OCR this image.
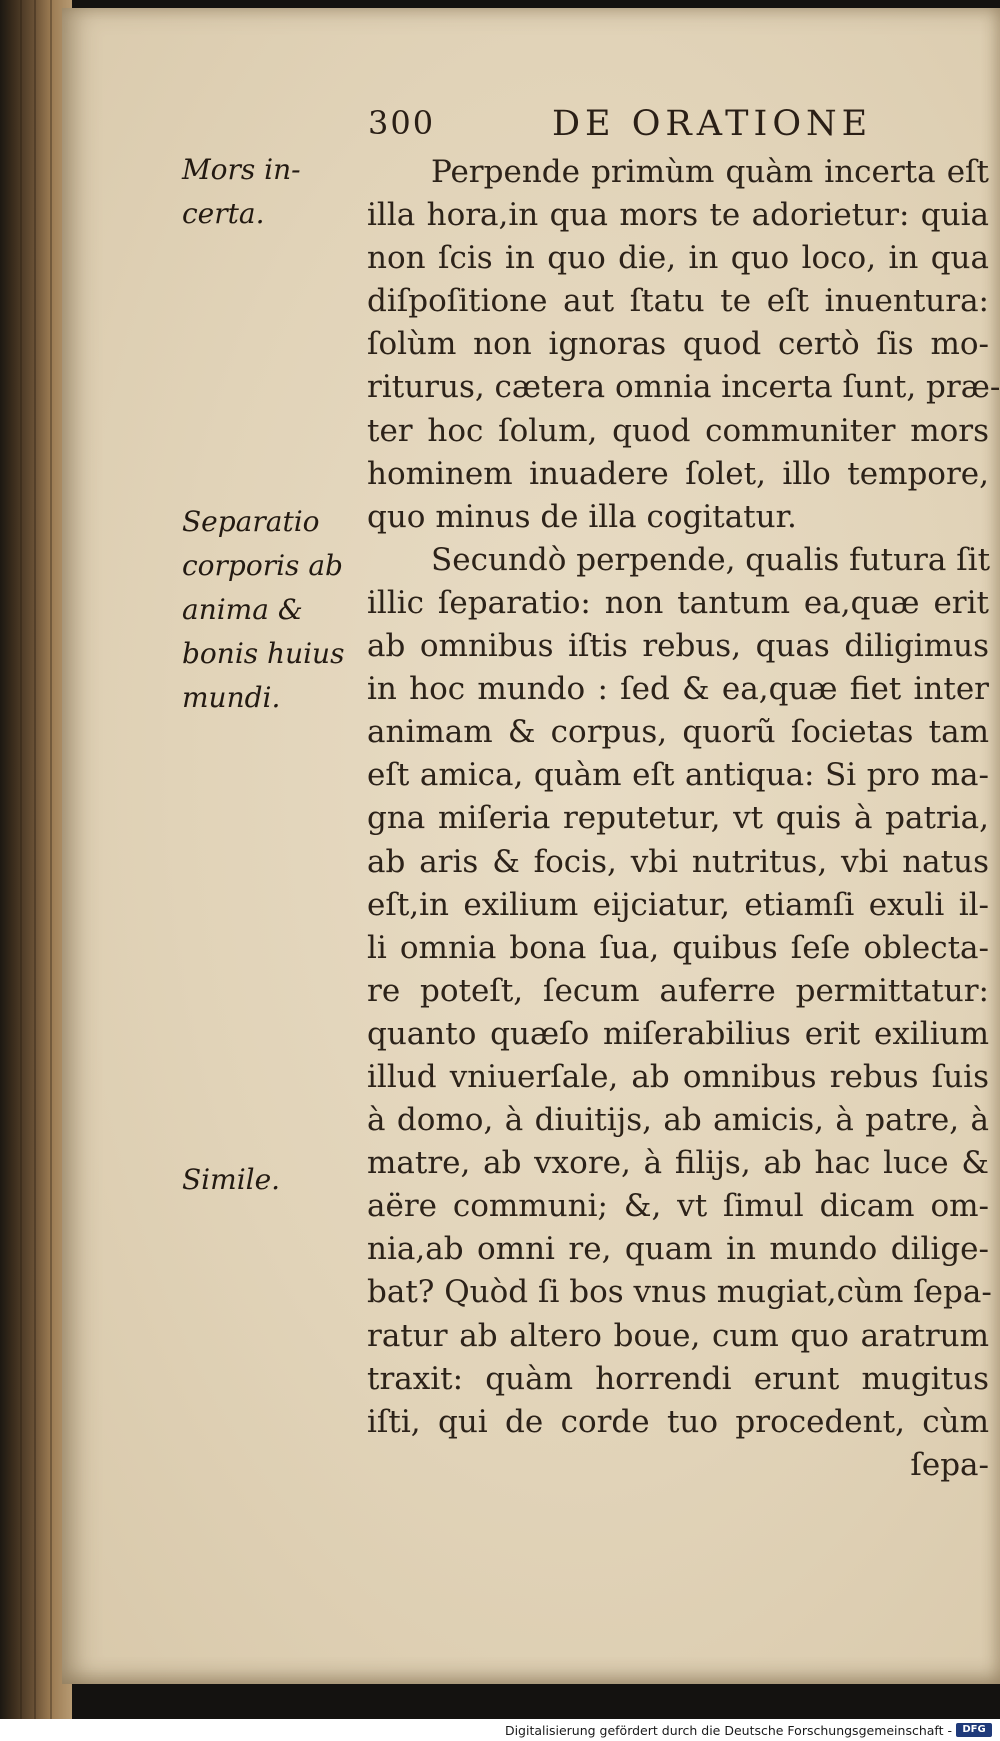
300	DE ORATIONE
Mors in-
certa.
Separatio
corporis ab
anima &
bonis huius
mundi.
Simile.
Perpende primùm quàm incerta eſt
illa hora,in qua mors te adorietur: quia
non ſcis in quo die, in quo loco, in qua
diſpoſitione aut ſtatu te eſt inuentura:
ſolùm non ignoras quod certò ſis mo-
riturus, cætera omnia incerta ſunt, præ-
ter hoc ſolum, quod communiter mors
hominem inuadere ſolet, illo tempore,
quo minus de illa cogitatur.
Secundò perpende, qualis futura ſit
illic ſeparatio: non tantum ea,quæ erit
ab omnibus iſtis rebus, quas diligimus
in hoc mundo : ſed & ea,quæ fiet inter
animam & corpus, quorũ ſocietas tam
eſt amica, quàm eſt antiqua: Si pro ma-
gna miſeria reputetur, vt quis à patria,
ab aris & focis, vbi nutritus, vbi natus
eſt,in exilium eijciatur, etiamſi exuli il-
li omnia bona ſua, quibus ſeſe oblecta-
re poteſt, ſecum auferre permittatur:
quanto quæſo miſerabilius erit exilium
illud vniuerſale, ab omnibus rebus ſuis
à domo, à diuitijs, ab amicis, à patre, à
matre, ab vxore, à filijs, ab hac luce &
aëre communi; &, vt ſimul dicam om-
nia,ab omni re, quam in mundo dilige-
bat? Quòd ſi bos vnus mugiat,cùm ſepa-
ratur ab altero boue, cum quo aratrum
traxit: quàm horrendi erunt mugitus
iſti, qui de corde tuo procedent, cùm
ſepa-
Digitalisierung gefördert durch die Deutsche Forschungsgemeinschaft -	DFG
